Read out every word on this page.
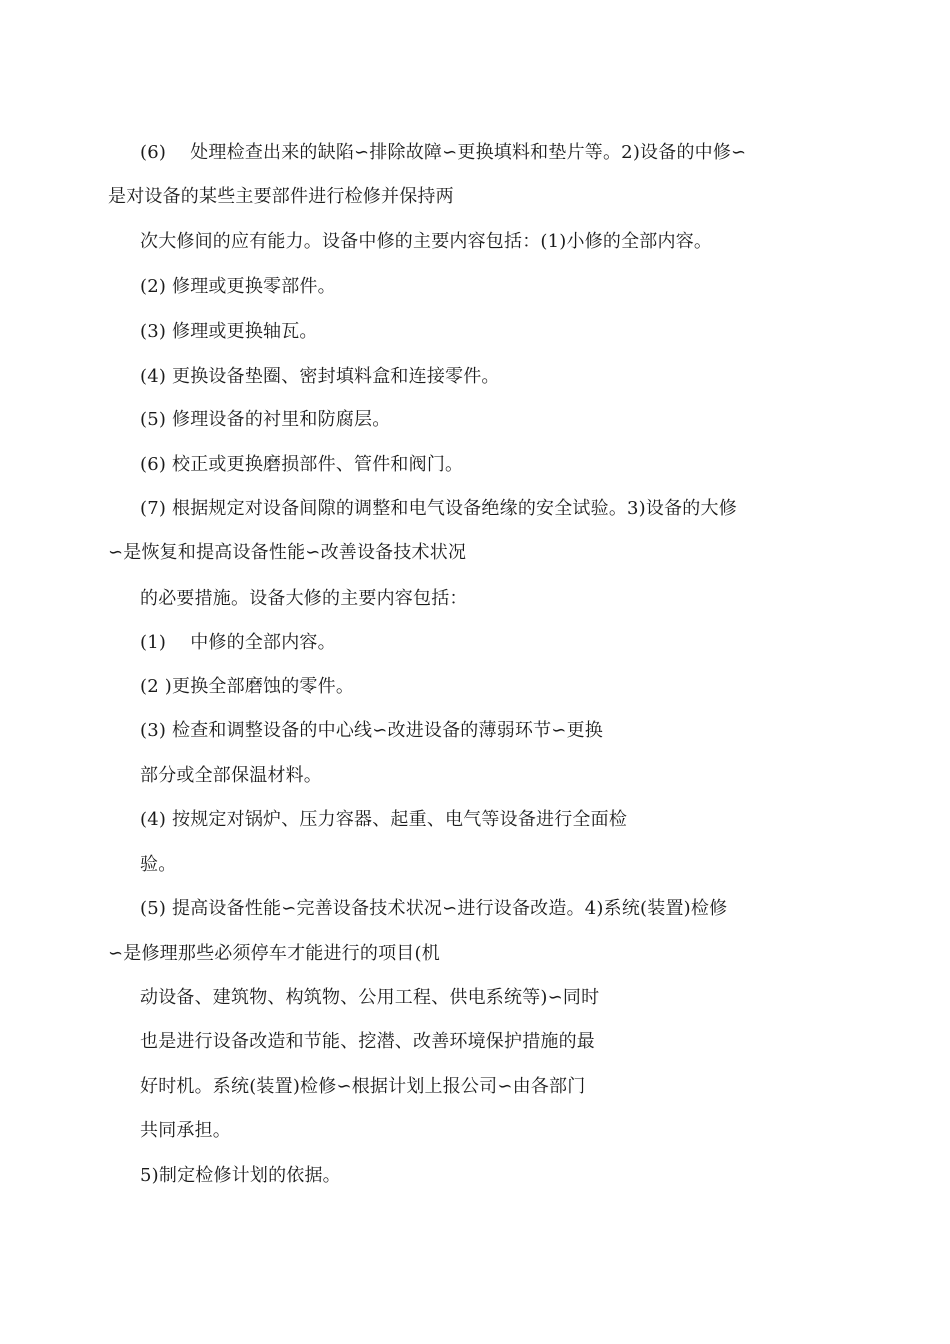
(6)　 处理检查出来的缺陷∽排除故障∽更换填料和垫片等。2)设备的中修∽
是对设备的某些主要部件进行检修并保持两
次大修间的应有能力。设备中修的主要内容包括：(1)小修的全部内容。
(2) 修理或更换零部件。
(3) 修理或更换轴瓦。
(4) 更换设备垫圈、密封填料盒和连接零件。
(5) 修理设备的衬里和防腐层。
(6) 校正或更换磨损部件、管件和阀门。
(7) 根据规定对设备间隙的调整和电气设备绝缘的安全试验。3)设备的大修
∽是恢复和提高设备性能∽改善设备技术状况
的必要措施。设备大修的主要内容包括：
(1)　 中修的全部内容。
(2 )更换全部磨蚀的零件。
(3) 检查和调整设备的中心线∽改进设备的薄弱环节∽更换
部分或全部保温材料。
(4) 按规定对锅炉、压力容器、起重、电气等设备进行全面检
验。
(5) 提高设备性能∽完善设备技术状况∽进行设备改造。4)系统(装置)检修
∽是修理那些必须停车才能进行的项目(机
动设备、建筑物、构筑物、公用工程、供电系统等)∽同时
也是进行设备改造和节能、挖潜、改善环境保护措施的最
好时机。系统(装置)检修∽根据计划上报公司∽由各部门
共同承担。
5)制定检修计划的依据。
